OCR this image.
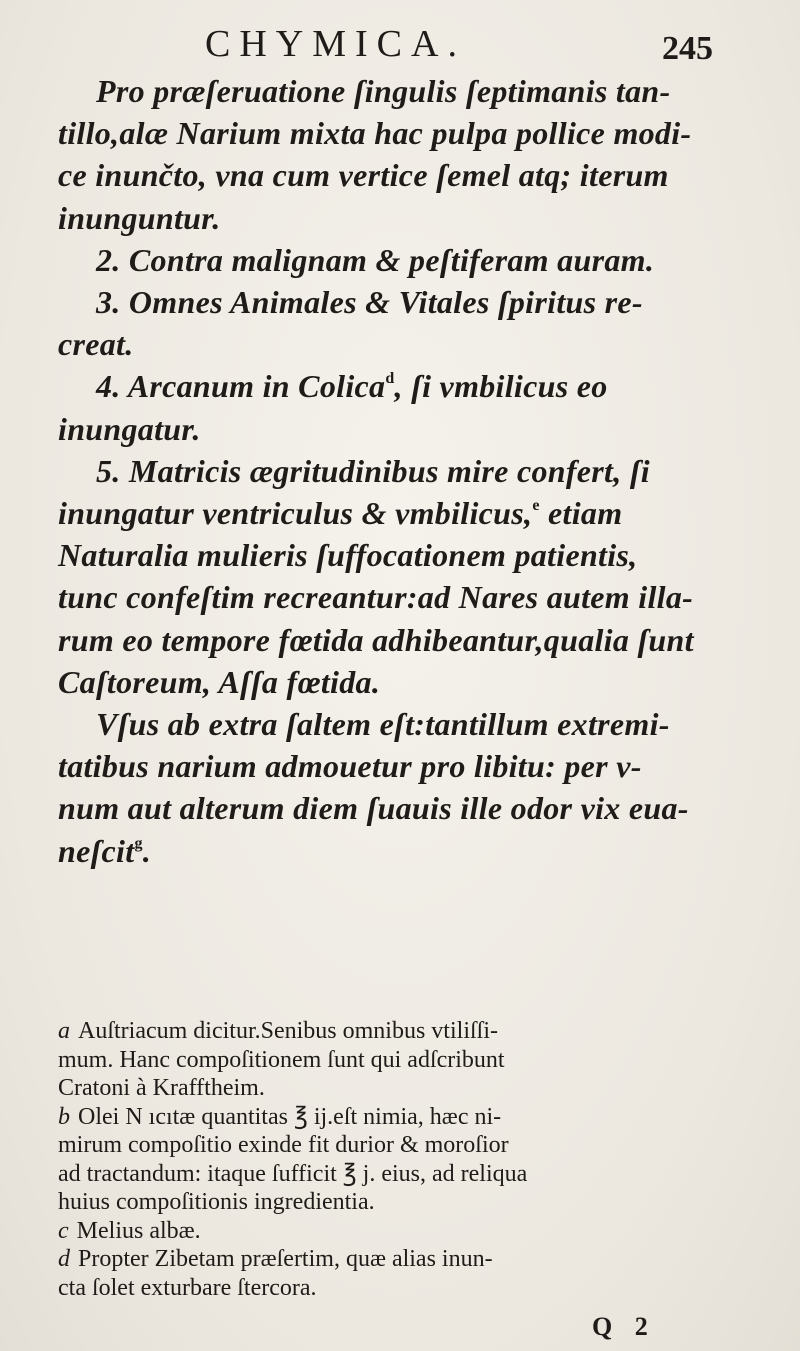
CHYMICA.	245
Pro præſeruatione ſingulis ſeptimanis tan-
tillo,alæ Narium mixta hac pulpa pollice modi-
ce inunčto, vna cum vertice ſemel atq; iterum
inunguntur.
2. Contra malignam & peſtiferam auram.
3. Omnes Animales & Vitales ſpiritus re-
creat.
4. Arcanum in Colica$^d$, ſi vmbilicus eo
inungatur.
5. Matricis ægritudinibus mire confert, ſi
inungatur ventriculus & vmbilicus,$^e$ etiam
Naturalia mulieris ſuffocationem patientis,
tunc confeſtim recreantur:ad Nares autem illa-
rum eo tempore fœtida adhibeantur,qualia ſunt
Caſtoreum, Aſſa fœtida.
Vſus ab extra ſaltem eſt:tantillum extremi-
tatibus narium admouetur pro libitu: per v-
num aut alterum diem ſuauis ille odor vix eua-
neſcit$^g$.
a Auſtriacum dicitur.Senibus omnibus vtiliſſi-
mum. Hanc compoſitionem ſunt qui adſcribunt
Cratoni à Krafftheim.
b Olei N ıcıtæ quantitas ℥ ij.eſt nimia, hæc ni-
mirum compoſitio exinde fit durior & moroſior
ad tractandum: itaque ſufficit ℥ j. eius, ad reliqua
huius compoſitionis ingredientia.
c Melius albæ.
d Propter Zibetam præſertim, quæ alias inun-
cta ſolet exturbare ſtercora.
Q 2
